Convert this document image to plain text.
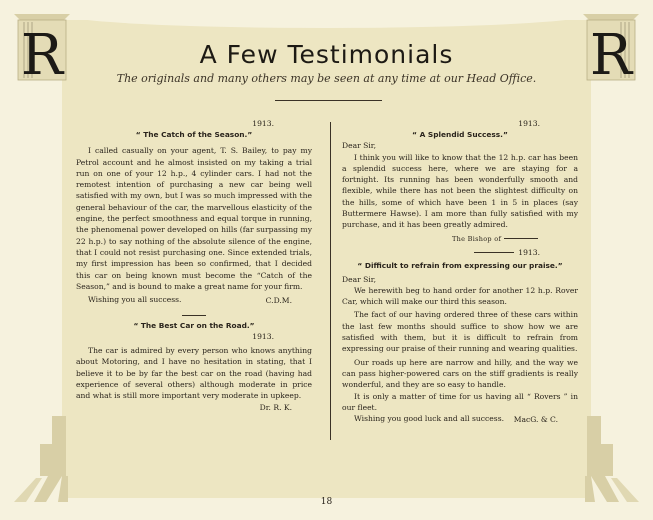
R	R
A Few Testimonials
The originals and many others may be seen at any time at our Head Office.
1913.
“ The Catch of the Season.”

I called casually on your agent, T. S. Bailey, to pay my Petrol account and he almost insisted on my taking a trial run on one of your 12 h.p., 4 cylinder cars. I had not the remotest intention of purchasing a new car being well satisfied with my own, but I was so much impressed with the general behaviour of the car, the marvellous elasticity of the engine, the perfect smoothness and equal torque in running, the phenomenal power developed on hills (far surpassing my 22 h.p.) to say nothing of the absolute silence of the engine, that I could not resist purchasing one. Since extended trials, my first impression has been so confirmed, that I decided this car on being known must become the “Catch of the Season,” and is bound to make a great name for your firm.

Wishing you all success.	C.D.M.
“ The Best Car on the Road.”
1913.

The car is admired by every person who knows anything about Motoring, and I have no hesitation in stating, that I believe it to be by far the best car on the road (having had experience of several others) although moderate in price and what is still more important very moderate in upkeep.

Dr. R. K.
1913.
“ A Splendid Success.”

Dear Sir,

I think you will like to know that the 12 h.p. car has been a splendid success here, where we are staying for a fortnight. Its running has been wonderfully smooth and flexible, while there has not been the slightest difficulty on the hills, some of which have been 1 in 5 in places (say Buttermere Hawse). I am more than fully satisfied with my purchase, and it has been greatly admired.

The Bishop of
1913.
“ Difficult to refrain from expressing our praise.”

Dear Sir,

We herewith beg to hand order for another 12 h.p. Rover Car, which will make our third this season.

The fact of our having ordered three of these cars within the last few months should suffice to show how we are satisfied with them, but it is difficult to refrain from expressing our praise of their running and wearing qualities.

Our roads up here are narrow and hilly, and the way we can pass higher-powered cars on the stiff gradients is really wonderful, and they are so easy to handle.

It is only a matter of time for us having all “ Rovers ” in our fleet.

Wishing you good luck and all success.	MacG. & C.
18
